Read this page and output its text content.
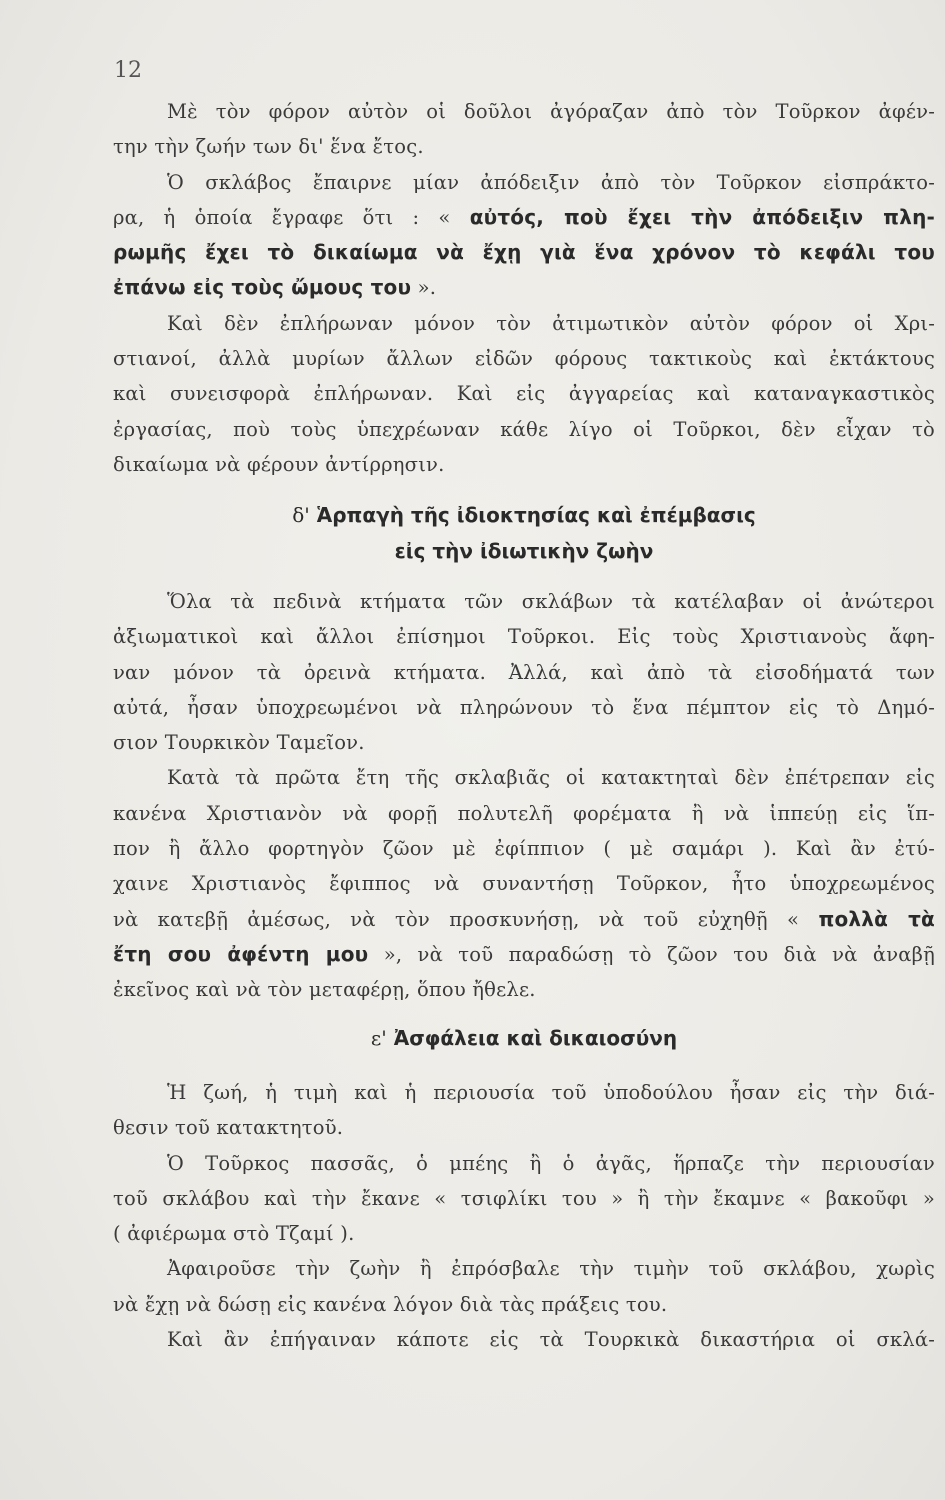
12
Μὲ τὸν φόρον αὐτὸν οἱ δοῦλοι ἀγόραζαν ἀπὸ τὸν Τοῦρκον ἀφέν-
την τὴν ζωήν των δι' ἕνα ἔτος.
Ὁ σκλάβος ἔπαιρνε μίαν ἀπόδειξιν ἀπὸ τὸν Τοῦρκον εἰσπράκτο-
ρα, ἡ ὁποία ἔγραφε ὅτι : « αὐτός, ποὺ ἔχει τὴν ἀπόδειξιν πλη-
ρωμῆς ἔχει τὸ δικαίωμα νὰ ἔχῃ γιὰ ἕνα χρόνον τὸ κεφάλι του
ἐπάνω εἰς τοὺς ὤμους του ».
Καὶ δὲν ἐπλήρωναν μόνον τὸν ἀτιμωτικὸν αὐτὸν φόρον οἱ Χρι-
στιανοί, ἀλλὰ μυρίων ἄλλων εἰδῶν φόρους τακτικοὺς καὶ ἐκτάκτους
καὶ συνεισφορὰ ἐπλήρωναν. Καὶ εἰς ἀγγαρείας καὶ καταναγκαστικὸς
ἐργασίας, ποὺ τοὺς ὑπεχρέωναν κάθε λίγο οἱ Τοῦρκοι, δὲν εἶχαν τὸ
δικαίωμα νὰ φέρουν ἀντίρρησιν.
δ' Ἁρπαγὴ τῆς ἰδιοκτησίας καὶ ἐπέμβασις
εἰς τὴν ἰδιωτικὴν ζωὴν
Ὅλα τὰ πεδινὰ κτήματα τῶν σκλάβων τὰ κατέλαβαν οἱ ἀνώτεροι
ἀξιωματικοὶ καὶ ἄλλοι ἐπίσημοι Τοῦρκοι. Εἰς τοὺς Χριστιανοὺς ἄφη-
ναν μόνον τὰ ὀρεινὰ κτήματα. Ἀλλά, καὶ ἀπὸ τὰ εἰσοδήματά των
αὐτά, ἦσαν ὑποχρεωμένοι νὰ πληρώνουν τὸ ἕνα πέμπτον εἰς τὸ Δημό-
σιον Τουρκικὸν Ταμεῖον.
Κατὰ τὰ πρῶτα ἔτη τῆς σκλαβιᾶς οἱ κατακτηταὶ δὲν ἐπέτρεπαν εἰς
κανένα Χριστιανὸν νὰ φορῇ πολυτελῆ φορέματα ἢ νὰ ἱππεύῃ εἰς ἵπ-
πον ἢ ἄλλο φορτηγὸν ζῶον μὲ ἐφίππιον ( μὲ σαμάρι ). Καὶ ἂν ἐτύ-
χαινε Χριστιανὸς ἔφιππος νὰ συναντήσῃ Τοῦρκον, ἦτο ὑποχρεωμένος
νὰ κατεβῇ ἀμέσως, νὰ τὸν προσκυνήσῃ, νὰ τοῦ εὐχηθῇ « πολλὰ τὰ
ἔτη σου ἀφέντη μου », νὰ τοῦ παραδώσῃ τὸ ζῶον του διὰ νὰ ἀναβῇ
ἐκεῖνος καὶ νὰ τὸν μεταφέρῃ, ὅπου ἤθελε.
ε' Ἀσφάλεια καὶ δικαιοσύνη
Ἡ ζωή, ἡ τιμὴ καὶ ἡ περιουσία τοῦ ὑποδούλου ἦσαν εἰς τὴν διά-
θεσιν τοῦ κατακτητοῦ.
Ὁ Τοῦρκος πασσᾶς, ὁ μπέης ἢ ὁ ἀγᾶς, ἥρπαζε τὴν περιουσίαν
τοῦ σκλάβου καὶ τὴν ἔκανε « τσιφλίκι του » ἢ τὴν ἔκαμνε « βακοῦφι »
( ἀφιέρωμα στὸ Τζαμί ).
Ἀφαιροῦσε τὴν ζωὴν ἢ ἐπρόσβαλε τὴν τιμὴν τοῦ σκλάβου, χωρὶς
νὰ ἔχῃ νὰ δώσῃ εἰς κανένα λόγον διὰ τὰς πράξεις του.
Καὶ ἂν ἐπήγαιναν κάποτε εἰς τὰ Τουρκικὰ δικαστήρια οἱ σκλά-
